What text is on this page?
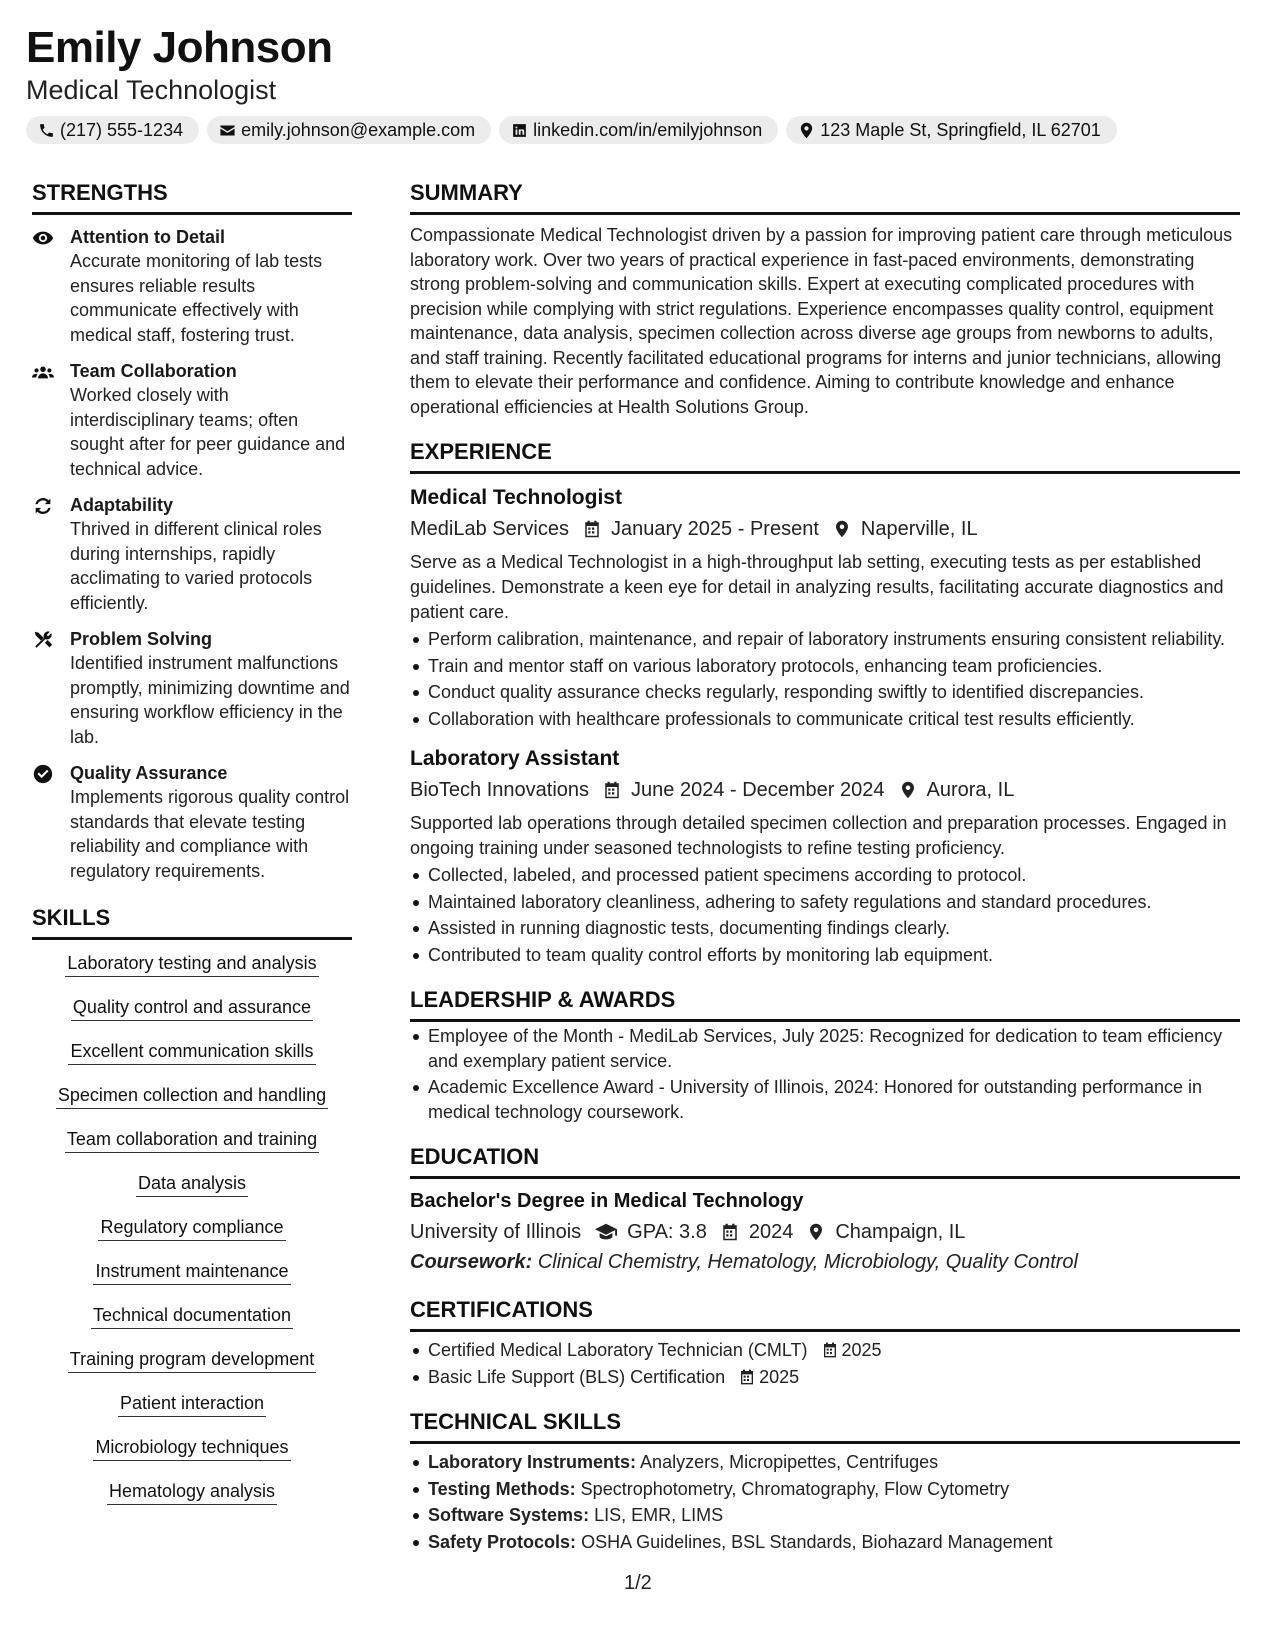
Emily Johnson
Medical Technologist
(217) 555-1234	emily.johnson@example.com	linkedin.com/in/emilyjohnson	123 Maple St, Springfield, IL 62701
STRENGTHS
Attention to Detail
Accurate monitoring of lab tests ensures reliable results communicate effectively with medical staff, fostering trust.
Team Collaboration
Worked closely with interdisciplinary teams; often sought after for peer guidance and technical advice.
Adaptability
Thrived in different clinical roles during internships, rapidly acclimating to varied protocols efficiently.
Problem Solving
Identified instrument malfunctions promptly, minimizing downtime and ensuring workflow efficiency in the lab.
Quality Assurance
Implements rigorous quality control standards that elevate testing reliability and compliance with regulatory requirements.
SKILLS
Laboratory testing and analysis
Quality control and assurance
Excellent communication skills
Specimen collection and handling
Team collaboration and training
Data analysis
Regulatory compliance
Instrument maintenance
Technical documentation
Training program development
Patient interaction
Microbiology techniques
Hematology analysis
SUMMARY
Compassionate Medical Technologist driven by a passion for improving patient care through meticulous laboratory work. Over two years of practical experience in fast-paced environments, demonstrating strong problem-solving and communication skills. Expert at executing complicated procedures with precision while complying with strict regulations. Experience encompasses quality control, equipment maintenance, data analysis, specimen collection across diverse age groups from newborns to adults, and staff training. Recently facilitated educational programs for interns and junior technicians, allowing them to elevate their performance and confidence. Aiming to contribute knowledge and enhance operational efficiencies at Health Solutions Group.
EXPERIENCE
Medical Technologist
MediLab Services January 2025 - Present Naperville, IL
Serve as a Medical Technologist in a high-throughput lab setting, executing tests as per established guidelines. Demonstrate a keen eye for detail in analyzing results, facilitating accurate diagnostics and patient care.
Perform calibration, maintenance, and repair of laboratory instruments ensuring consistent reliability.
Train and mentor staff on various laboratory protocols, enhancing team proficiencies.
Conduct quality assurance checks regularly, responding swiftly to identified discrepancies.
Collaboration with healthcare professionals to communicate critical test results efficiently.
Laboratory Assistant
BioTech Innovations June 2024 - December 2024 Aurora, IL
Supported lab operations through detailed specimen collection and preparation processes. Engaged in ongoing training under seasoned technologists to refine testing proficiency.
Collected, labeled, and processed patient specimens according to protocol.
Maintained laboratory cleanliness, adhering to safety regulations and standard procedures.
Assisted in running diagnostic tests, documenting findings clearly.
Contributed to team quality control efforts by monitoring lab equipment.
LEADERSHIP & AWARDS
Employee of the Month - MediLab Services, July 2025: Recognized for dedication to team efficiency and exemplary patient service.
Academic Excellence Award - University of Illinois, 2024: Honored for outstanding performance in medical technology coursework.
EDUCATION
Bachelor's Degree in Medical Technology
University of Illinois GPA: 3.8 2024 Champaign, IL
Coursework: Clinical Chemistry, Hematology, Microbiology, Quality Control
CERTIFICATIONS
Certified Medical Laboratory Technician (CMLT) 2025
Basic Life Support (BLS) Certification 2025
TECHNICAL SKILLS
Laboratory Instruments: Analyzers, Micropipettes, Centrifuges
Testing Methods: Spectrophotometry, Chromatography, Flow Cytometry
Software Systems: LIS, EMR, LIMS
Safety Protocols: OSHA Guidelines, BSL Standards, Biohazard Management
1/2
